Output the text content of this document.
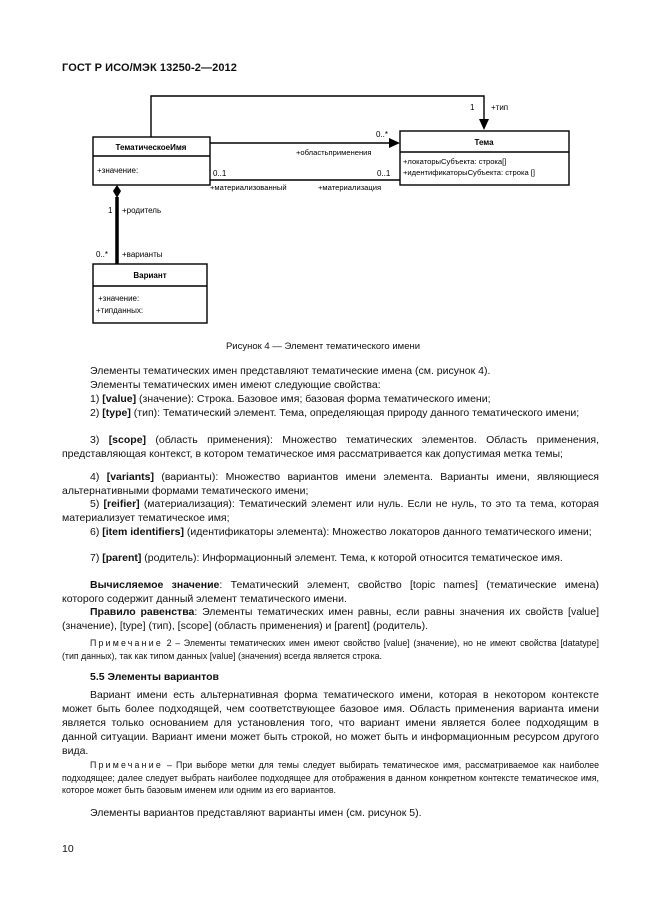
ГОСТ Р ИСО/МЭК 13250-2—2012
ТематическоеИмя
+значение:
Тема
+локаторыСубъекта: строка[]
+идентификаторыСубъекта: строка []
Вариант
+значение:
+типданных:
1 +тип
0..*
+областьприменения
0..1	0..1
+материализованный	+материализация
1 +родитель
0..* +варианты
Рисунок 4 — Элемент тематического имени
Элементы тематических имен представляют тематические имена (см. рисунок 4).
Элементы тематических имен имеют следующие свойства:
1) [value] (значение): Строка. Базовое имя; базовая форма тематического имени;
2) [type] (тип): Тематический элемент. Тема, определяющая природу данного тематического имени;
3) [scope] (область применения): Множество тематических элементов. Область применения, представляющая контекст, в котором тематическое имя рассматривается как допустимая метка темы;
4) [variants] (варианты): Множество вариантов имени элемента. Варианты имени, являющиеся альтернативными формами тематического имени;
5) [reifier] (материализация): Тематический элемент или нуль. Если не нуль, то это та тема, которая материализует тематическое имя;
6) [item identifiers] (идентификаторы элемента): Множество локаторов данного тематического имени;
7) [parent] (родитель): Информационный элемент. Тема, к которой относится тематическое имя.
Вычисляемое значение: Тематический элемент, свойство [topic names] (тематические имена) которого содержит данный элемент тематического имени.
Правило равенства: Элементы тематических имен равны, если равны значения их свойств [value] (значение), [type] (тип), [scope] (область применения) и [parent] (родитель).
Примечание 2 – Элементы тематических имен имеют свойство [value] (значение), но не имеют свойства [datatype] (тип данных), так как типом данных [value] (значения) всегда является строка.
5.5 Элементы вариантов
Вариант имени есть альтернативная форма тематического имени, которая в некотором контексте может быть более подходящей, чем соответствующее базовое имя. Область применения варианта имени является только основанием для установления того, что вариант имени является более подходящим в данной ситуации. Вариант имени может быть строкой, но может быть и информационным ресурсом другого вида.
Примечание – При выборе метки для темы следует выбирать тематическое имя, рассматриваемое как наиболее подходящее; далее следует выбрать наиболее подходящее для отображения в данном конкретном контексте тематическое имя, которое может быть базовым именем или одним из его вариантов.
Элементы вариантов представляют варианты имен (см. рисунок 5).
10
